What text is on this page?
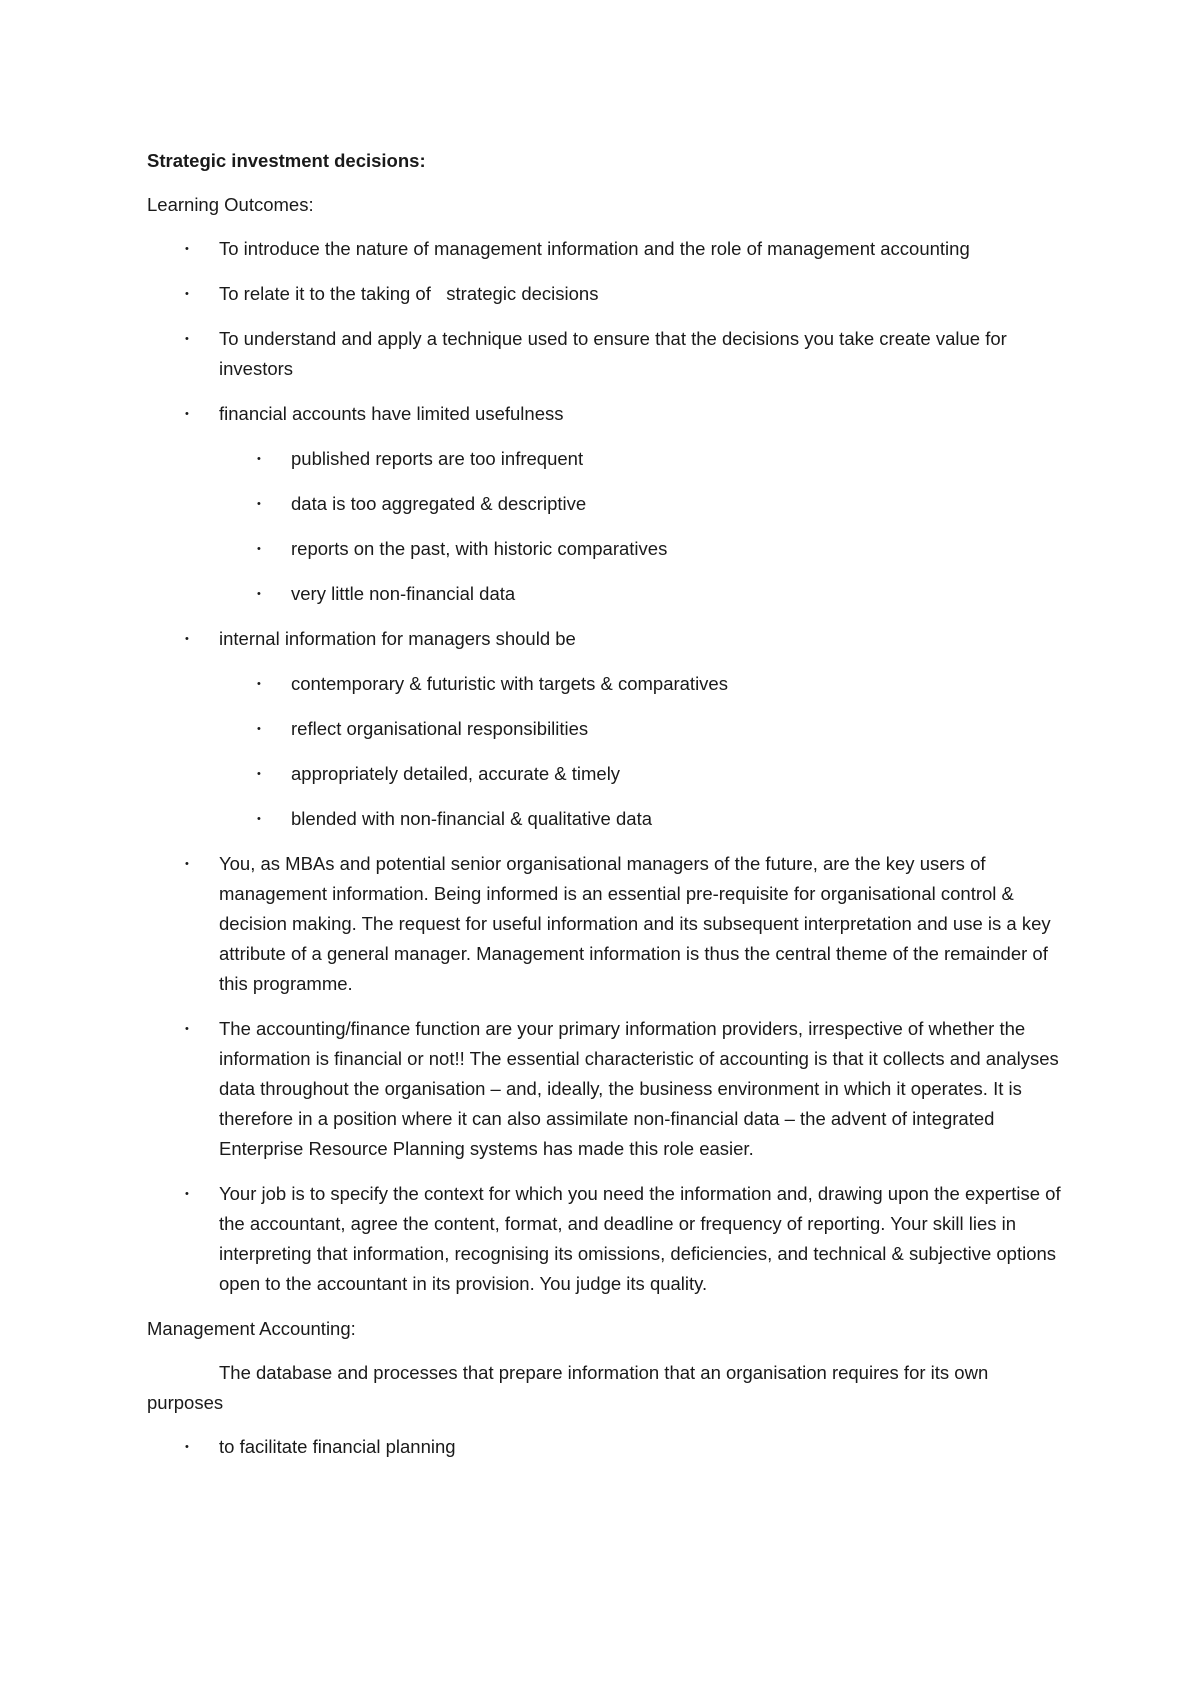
Strategic investment decisions:

Learning Outcomes:

• To introduce the nature of management information and the role of management accounting
• To relate it to the taking of   strategic decisions
• To understand and apply a technique used to ensure that the decisions you take create value for investors
• financial accounts have limited usefulness
• published reports are too infrequent
• data is too aggregated & descriptive
• reports on the past, with historic comparatives
• very little non-financial data
• internal information for managers should be
• contemporary & futuristic with targets & comparatives
• reflect organisational responsibilities
• appropriately detailed, accurate & timely
• blended with non-financial & qualitative data
• You, as MBAs and potential senior organisational managers of the future, are the key users of management information. Being informed is an essential pre-requisite for organisational control & decision making. The request for useful information and its subsequent interpretation and use is a key attribute of a general manager. Management information is thus the central theme of the remainder of this programme.
• The accounting/finance function are your primary information providers, irrespective of whether the information is financial or not!! The essential characteristic of accounting is that it collects and analyses data throughout the organisation – and, ideally, the business environment in which it operates. It is therefore in a position where it can also assimilate non-financial data – the advent of integrated Enterprise Resource Planning systems has made this role easier.
• Your job is to specify the context for which you need the information and, drawing upon the expertise of the accountant, agree the content, format, and deadline or frequency of reporting. Your skill lies in interpreting that information, recognising its omissions, deficiencies, and technical & subjective options open to the accountant in its provision. You judge its quality.

Management Accounting:

The database and processes that prepare information that an organisation requires for its own purposes

• to facilitate financial planning
